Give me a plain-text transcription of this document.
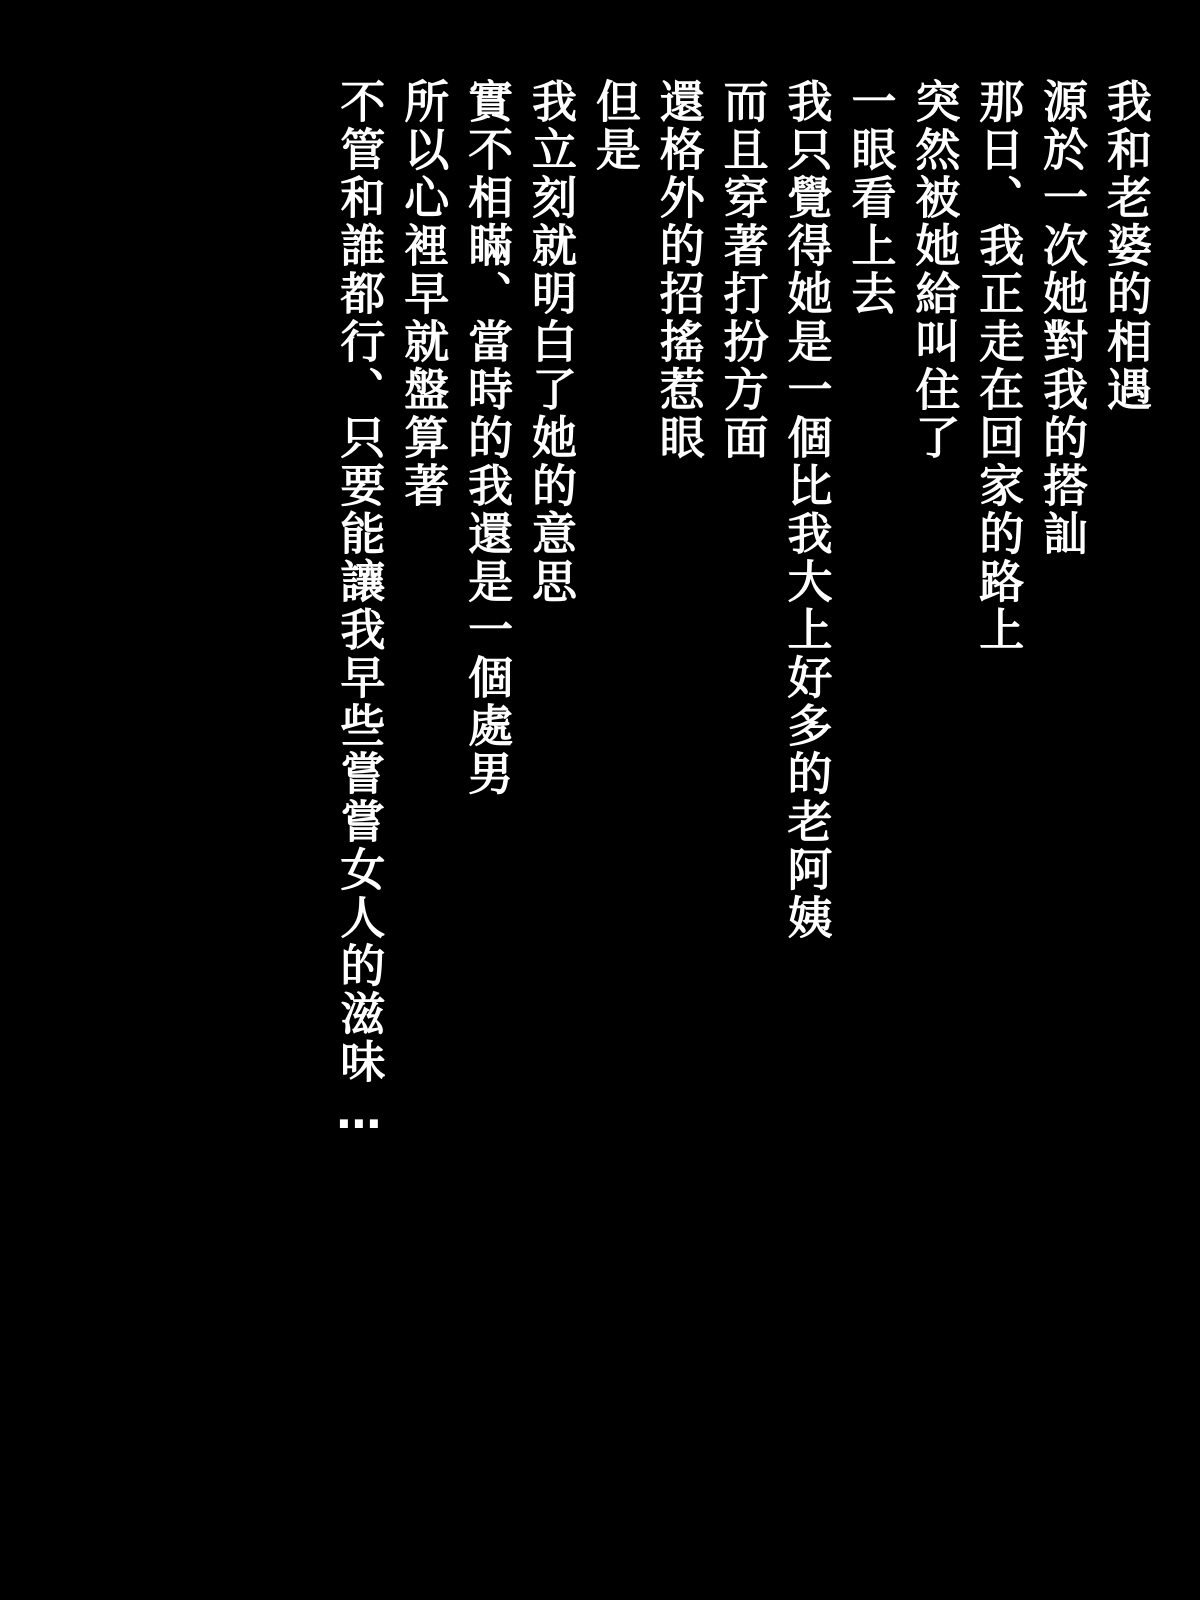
我和老婆的相遇
源於一次她對我的搭訕
那日、我正走在回家的路上
突然被她給叫住了
一眼看上去
我只覺得她是一個比我大上好多的老阿姨
而且穿著打扮方面
還格外的招搖惹眼
但是
我立刻就明白了她的意思
實不相瞞、當時的我還是一個處男
所以心裡早就盤算著
不管和誰都行、只要能讓我早些嘗嘗女人的滋味…
